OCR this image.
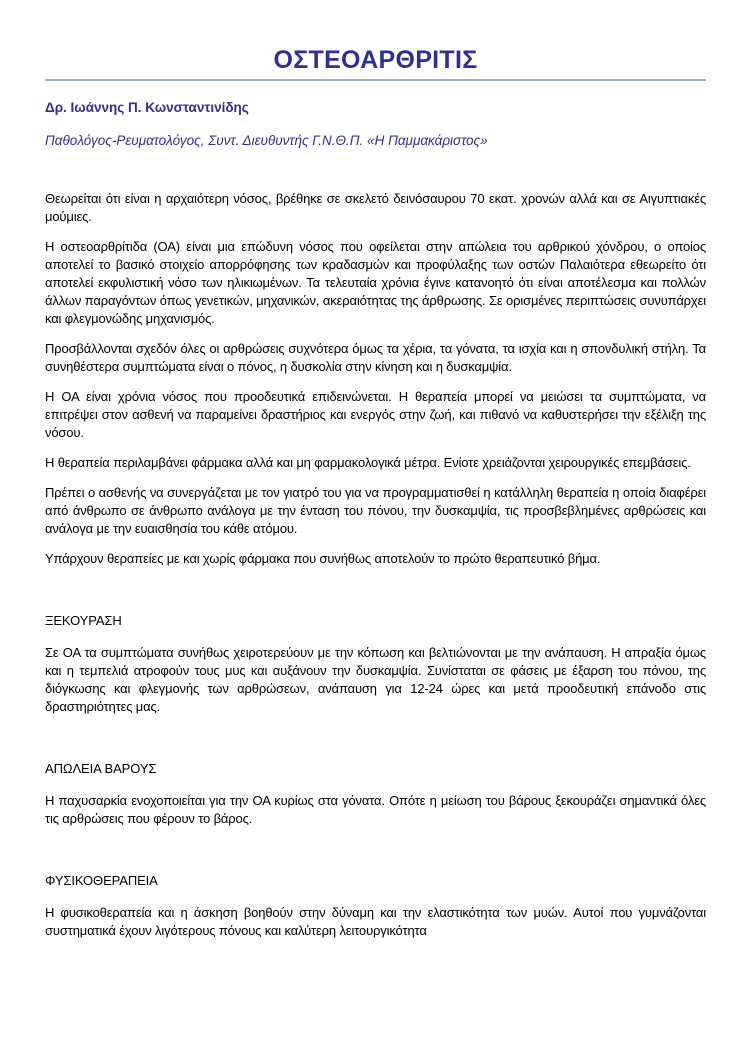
ΟΣΤΕΟΑΡΘΡΙΤΙΣ
Δρ. Ιωάννης Π. Κωνσταντινίδης
Παθολόγος-Ρευματολόγος, Συντ. Διευθυντής Γ.Ν.Θ.Π. «Η Παμμακάριστος»

Θεωρείται ότι είναι η αρχαιότερη νόσος, βρέθηκε σε σκελετό δεινόσαυρου 70 εκατ. χρονών αλλά και σε Αιγυπτιακές μούμιες.

Η οστεοαρθρίτιδα (ΟΑ) είναι μια επώδυνη νόσος που οφείλεται στην απώλεια του αρθρικού χόνδρου, ο οποίος αποτελεί το βασικό στοιχείο απορρόφησης των κραδασμών και προφύλαξης των οστών Παλαιότερα εθεωρείτο ότι αποτελεί εκφυλιστική νόσο των ηλικιωμένων. Τα τελευταία χρόνια έγινε κατανοητό ότι είναι αποτέλεσμα και πολλών άλλων παραγόντων όπως γενετικών, μηχανικών, ακεραιότητας της άρθρωσης. Σε ορισμένες περιπτώσεις συνυπάρχει και φλεγμονώδης μηχανισμός.

Προσβάλλονται σχεδόν όλες οι αρθρώσεις συχνότερα όμως τα χέρια, τα γόνατα, τα ισχία και η σπονδυλική στήλη. Τα συνηθέστερα συμπτώματα είναι ο πόνος, η δυσκολία στην κίνηση και η δυσκαμψία.

Η ΟΑ είναι χρόνια νόσος που προοδευτικά επιδεινώνεται. Η θεραπεία μπορεί να μειώσει τα συμπτώματα, να επιτρέψει στον ασθενή να παραμείνει δραστήριος και ενεργός στην ζωή, και πιθανό να καθυστερήσει την εξέλιξη της νόσου.

Η θεραπεία περιλαμβάνει φάρμακα αλλά και μη φαρμακολογικά μέτρα. Ενίοτε χρειάζονται χειρουργικές επεμβάσεις.

Πρέπει ο ασθενής να συνεργάζεται με τον γιατρό του για να προγραμματισθεί η κατάλληλη θεραπεία η οποία διαφέρει από άνθρωπο σε άνθρωπο ανάλογα με την ένταση του πόνου, την δυσκαμψία, τις προσβεβλημένες αρθρώσεις και ανάλογα με την ευαισθησία του κάθε ατόμου.

Υπάρχουν θεραπείες με και χωρίς φάρμακα που συνήθως αποτελούν το πρώτο θεραπευτικό βήμα.

ΞΕΚΟΥΡΑΣΗ

Σε ΟΑ τα συμπτώματα συνήθως χειροτερεύουν με την κόπωση και βελτιώνονται με την ανάπαυση. Η απραξία όμως και η τεμπελιά ατροφούν τους μυς και αυξάνουν την δυσκαμψία. Συνίσταται σε φάσεις με έξαρση του πόνου, της διόγκωσης και φλεγμονής των αρθρώσεων, ανάπαυση για 12-24 ώρες και μετά προοδευτική επάνοδο στις δραστηριότητες μας.

ΑΠΩΛΕΙΑ ΒΑΡΟΥΣ

Η παχυσαρκία ενοχοποιείται για την ΟΑ κυρίως στα γόνατα. Οπότε η μείωση του βάρους ξεκουράζει σημαντικά όλες τις αρθρώσεις που φέρουν το βάρος.

ΦΥΣΙΚΟΘΕΡΑΠΕΙΑ

Η φυσικοθεραπεία και η άσκηση βοηθούν στην δύναμη και την ελαστικότητα των μυών. Αυτοί που γυμνάζονται συστηματικά έχουν λιγότερους πόνους και καλύτερη λειτουργικότητα
